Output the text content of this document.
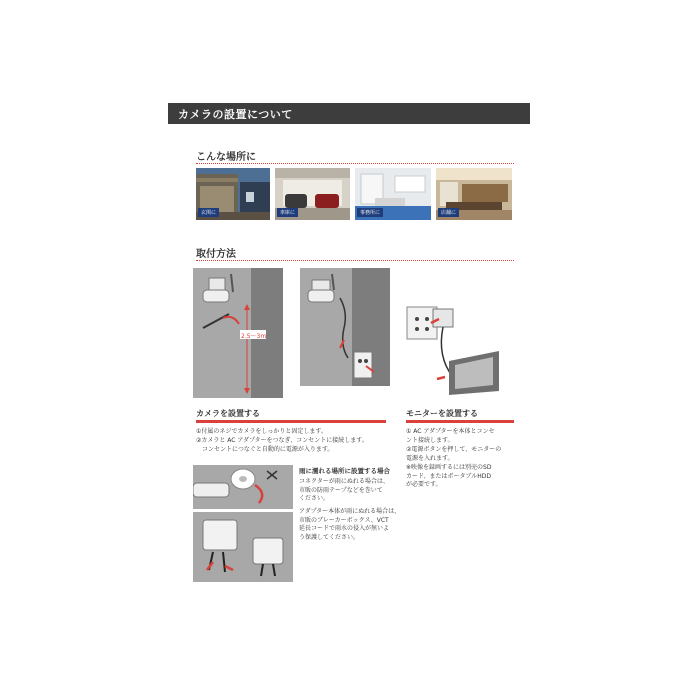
カメラの設置について
こんな場所に
玄関に	車庫に	事務所に	店舗に
取付方法
2.5〜3m
カメラを設置する
①付属のネジでカメラをしっかりと固定します。
②カメラと AC アダプターをつなぎ、コンセントに接続します。
　コンセントにつなぐと自動的に電源が入ります。
モニターを設置する
① AC アダプターを本体とコンセ
ント接続します。
②電源ボタンを押して、モニターの
電源を入れます。
※映像を録画するには別売のSD
カード、またはポータブルHDD
が必要です。
雨に濡れる場所に設置する場合
コネクターが雨にぬれる場合は、
市販の防雨テープなどを巻いて
ください。
アダプター本体が雨にぬれる場合は、
市販のブレーカーボックス、VCT
延長コードで雨水の侵入が無いよ
う保護してください。
